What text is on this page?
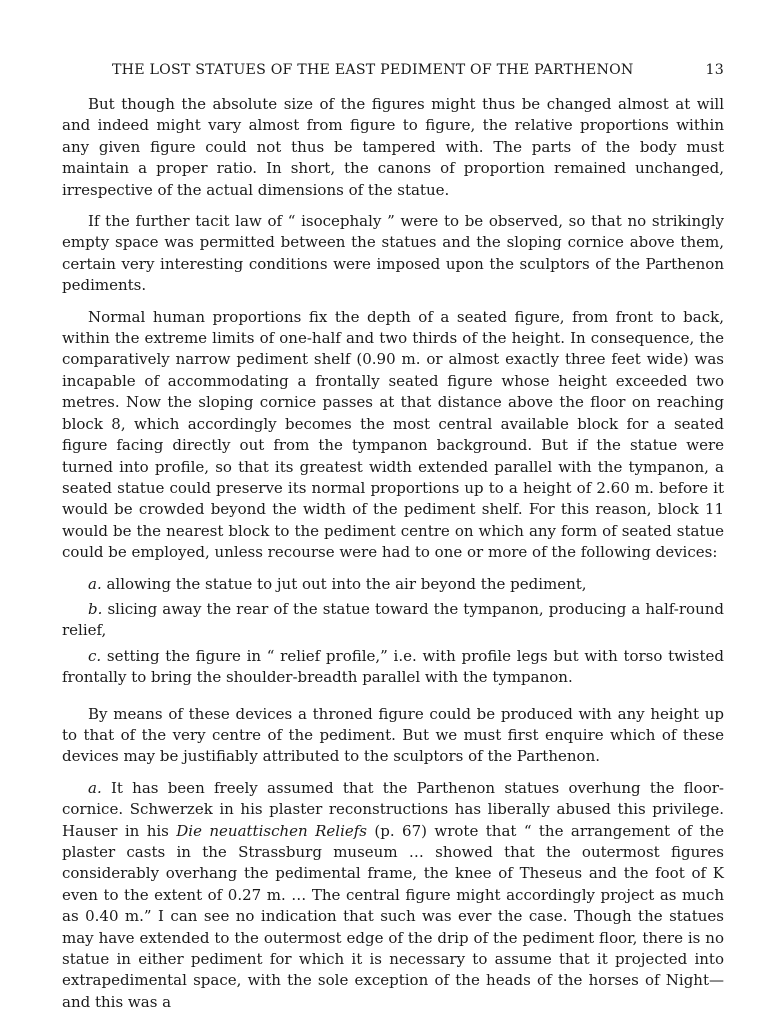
THE LOST STATUES OF THE EAST PEDIMENT OF THE PARTHENON	13

But though the absolute size of the figures might thus be changed almost at will and indeed might vary almost from figure to figure, the relative proportions within any given figure could not thus be tampered with. The parts of the body must maintain a proper ratio. In short, the canons of proportion remained unchanged, irrespective of the actual dimensions of the statue.

If the further tacit law of “ isocephaly ” were to be observed, so that no strikingly empty space was permitted between the statues and the sloping cornice above them, certain very interesting conditions were imposed upon the sculptors of the Parthenon pediments.

Normal human proportions fix the depth of a seated figure, from front to back, within the extreme limits of one-half and two thirds of the height. In consequence, the comparatively narrow pediment shelf (0.90 m. or almost exactly three feet wide) was incapable of accommodating a frontally seated figure whose height exceeded two metres. Now the sloping cornice passes at that distance above the floor on reaching block 8, which accordingly becomes the most central available block for a seated figure facing directly out from the tympanon background. But if the statue were turned into profile, so that its greatest width extended parallel with the tympanon, a seated statue could preserve its normal proportions up to a height of 2.60 m. before it would be crowded beyond the width of the pediment shelf. For this reason, block 11 would be the nearest block to the pediment centre on which any form of seated statue could be employed, unless recourse were had to one or more of the following devices:

a. allowing the statue to jut out into the air beyond the pediment,

b. slicing away the rear of the statue toward the tympanon, producing a half-round relief,

c. setting the figure in “ relief profile,” i.e. with profile legs but with torso twisted frontally to bring the shoulder-breadth parallel with the tympanon.

By means of these devices a throned figure could be produced with any height up to that of the very centre of the pediment. But we must first enquire which of these devices may be justifiably attributed to the sculptors of the Parthenon.

a. It has been freely assumed that the Parthenon statues overhung the floor-cornice. Schwerzek in his plaster reconstructions has liberally abused this privilege. Hauser in his Die neuattischen Reliefs (p. 67) wrote that “ the arrangement of the plaster casts in the Strassburg museum … showed that the outermost figures considerably overhang the pedimental frame, the knee of Theseus and the foot of K even to the extent of 0.27 m. … The central figure might accordingly project as much as 0.40 m.” I can see no indication that such was ever the case. Though the statues may have extended to the outermost edge of the drip of the pediment floor, there is no statue in either pediment for which it is necessary to assume that it projected into extrapedimental space, with the sole exception of the heads of the horses of Night—and this was a
